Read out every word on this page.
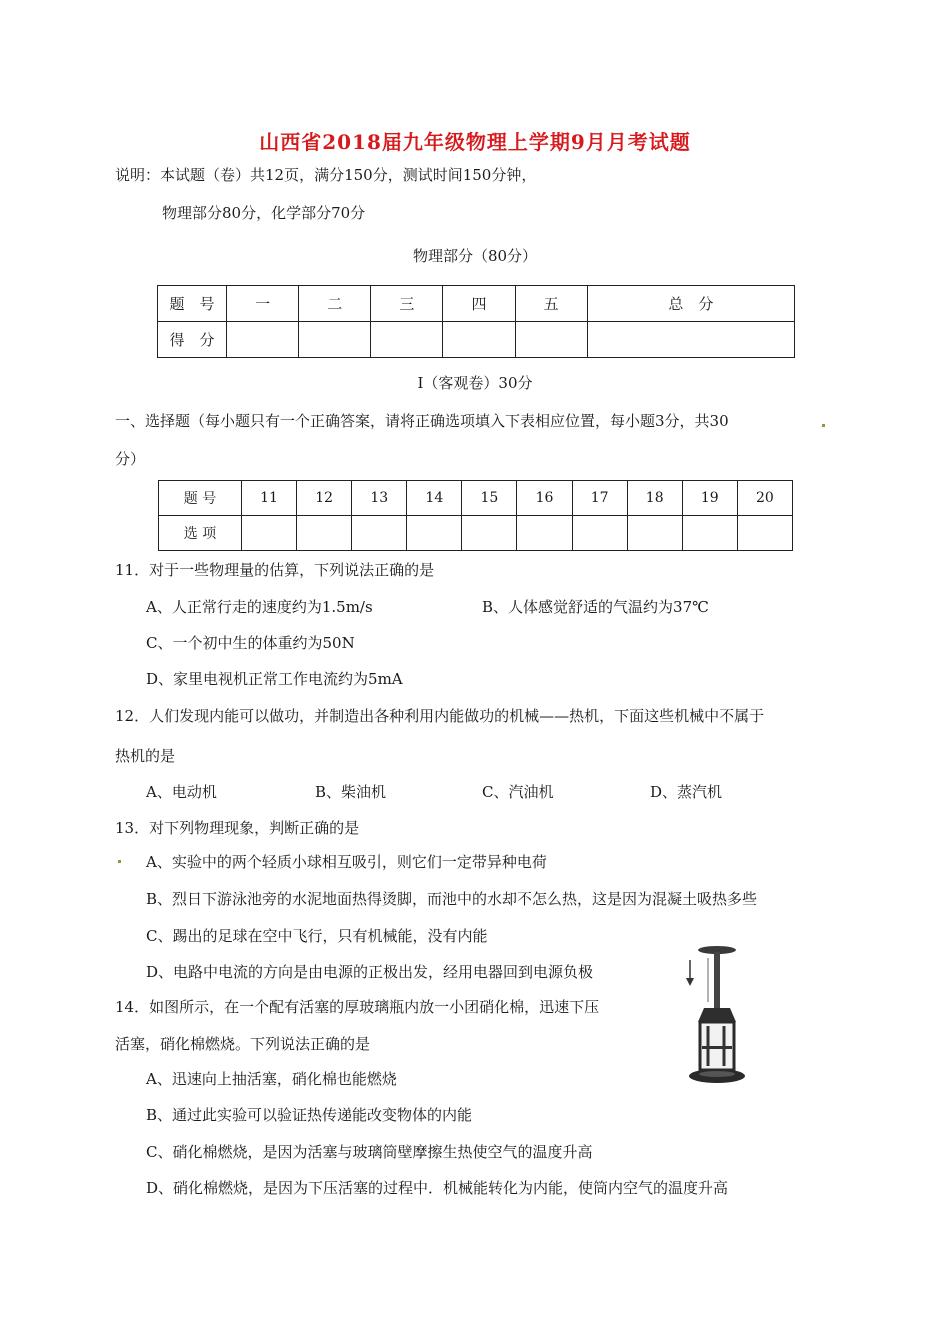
山西省2018届九年级物理上学期9月月考试题
说明：本试题（卷）共12页，满分150分，测试时间150分钟，
物理部分80分，化学部分70分
物理部分（80分）
题　号	一	二	三	四	五	总　分
得　分						
Ⅰ（客观卷）30分
一、选择题（每小题只有一个正确答案，请将正确选项填入下表相应位置，每小题3分，共30
分）
题 号	11	12	13	14	15	16	17	18	19	20
选 项										
11．对于一些物理量的估算，下列说法正确的是
A、人正常行走的速度约为1.5m/s	B、人体感觉舒适的气温约为37℃
C、一个初中生的体重约为50N
D、家里电视机正常工作电流约为5mA
12．人们发现内能可以做功，并制造出各种利用内能做功的机械——热机，下面这些机械中不属于
热机的是
A、电动机	B、柴油机	C、汽油机	D、蒸汽机
13．对下列物理现象，判断正确的是
A、实验中的两个轻质小球相互吸引，则它们一定带异种电荷
B、烈日下游泳池旁的水泥地面热得烫脚，而池中的水却不怎么热，这是因为混凝土吸热多些
C、踢出的足球在空中飞行，只有机械能，没有内能
D、电路中电流的方向是由电源的正极出发，经用电器回到电源负极
14．如图所示，在一个配有活塞的厚玻璃瓶内放一小团硝化棉，迅速下压
活塞，硝化棉燃烧。下列说法正确的是
A、迅速向上抽活塞，硝化棉也能燃烧
B、通过此实验可以验证热传递能改变物体的内能
C、硝化棉燃烧，是因为活塞与玻璃筒壁摩擦生热使空气的温度升高
D、硝化棉燃烧，是因为下压活塞的过程中．机械能转化为内能，使筒内空气的温度升高
